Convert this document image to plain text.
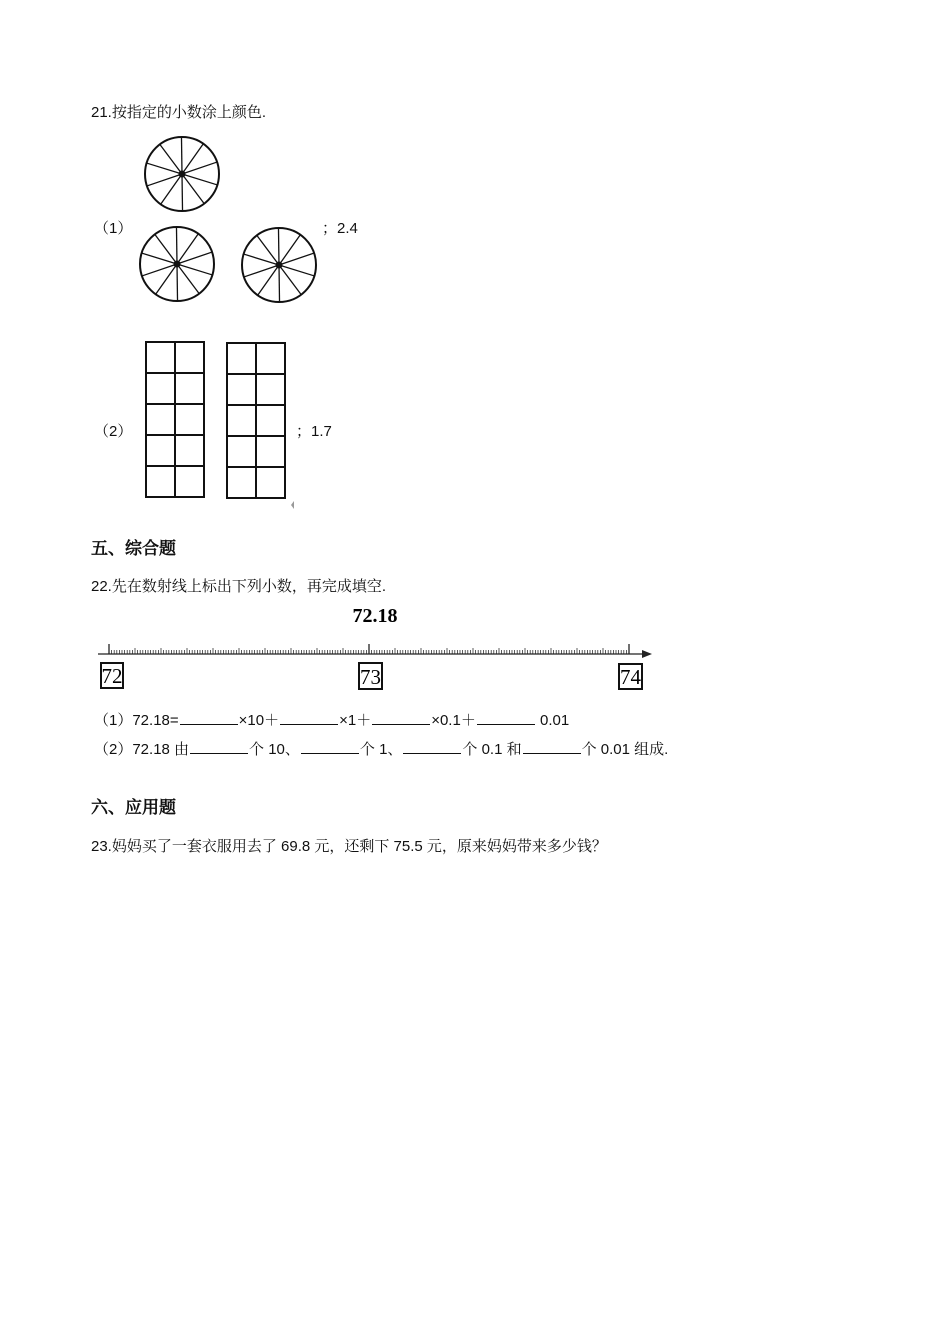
21.按指定的小数涂上颜色.
（1）	；2.4
（2）	；1.7
五、综合题
22.先在数射线上标出下列小数，再完成填空.
72.18
72	73	74
（1）72.18=	×10＋	×1＋	×0.1＋	0.01
（2）72.18 由	个 10、	个 1、	个 0.1 和	个 0.01 组成.
六、应用题
23.妈妈买了一套衣服用去了 69.8 元，还剩下 75.5 元，原来妈妈带来多少钱？
